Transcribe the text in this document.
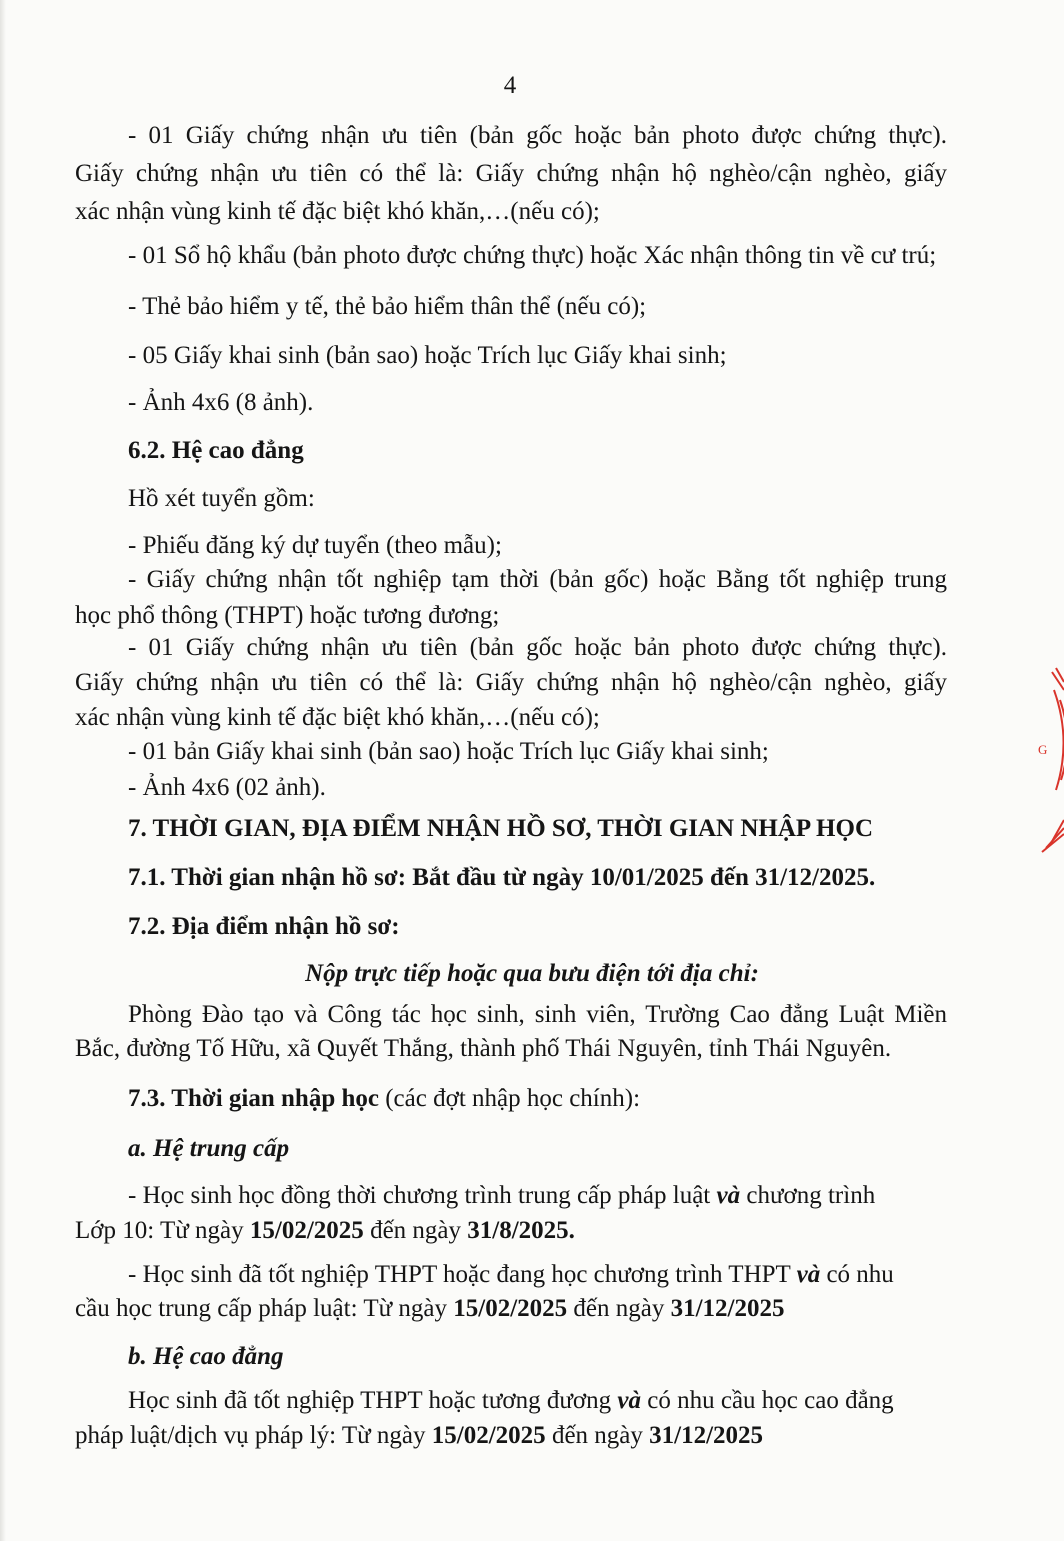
4
- 01 Giấy chứng nhận ưu tiên (bản gốc hoặc bản photo được chứng thực).
Giấy chứng nhận ưu tiên có thể là: Giấy chứng nhận hộ nghèo/cận nghèo, giấy
xác nhận vùng kinh tế đặc biệt khó khăn,…(nếu có);
- 01 Sổ hộ khẩu (bản photo được chứng thực) hoặc Xác nhận thông tin về cư trú;
- Thẻ bảo hiểm y tế, thẻ bảo hiểm thân thể (nếu có);
- 05 Giấy khai sinh (bản sao) hoặc Trích lục Giấy khai sinh;
- Ảnh 4x6 (8 ảnh).
6.2. Hệ cao đẳng
Hồ xét tuyển gồm:
- Phiếu đăng ký dự tuyển (theo mẫu);
- Giấy chứng nhận tốt nghiệp tạm thời (bản gốc) hoặc Bằng tốt nghiệp trung
học phổ thông (THPT) hoặc tương đương;
- 01 Giấy chứng nhận ưu tiên (bản gốc hoặc bản photo được chứng thực).
Giấy chứng nhận ưu tiên có thể là: Giấy chứng nhận hộ nghèo/cận nghèo, giấy
xác nhận vùng kinh tế đặc biệt khó khăn,…(nếu có);
- 01 bản Giấy khai sinh (bản sao) hoặc Trích lục Giấy khai sinh;
- Ảnh 4x6 (02 ảnh).
7. THỜI GIAN, ĐỊA ĐIỂM NHẬN HỒ SƠ, THỜI GIAN NHẬP HỌC
7.1. Thời gian nhận hồ sơ: Bắt đầu từ ngày 10/01/2025 đến 31/12/2025.
7.2. Địa điểm nhận hồ sơ:
Nộp trực tiếp hoặc qua bưu điện tới địa chỉ:
Phòng Đào tạo và Công tác học sinh, sinh viên, Trường Cao đẳng Luật Miền
Bắc, đường Tố Hữu, xã Quyết Thắng, thành phố Thái Nguyên, tỉnh Thái Nguyên.
7.3. Thời gian nhập học (các đợt nhập học chính):
a. Hệ trung cấp
- Học sinh học đồng thời chương trình trung cấp pháp luật và chương trình
Lớp 10: Từ ngày 15/02/2025 đến ngày 31/8/2025.
- Học sinh đã tốt nghiệp THPT hoặc đang học chương trình THPT và có nhu
cầu học trung cấp pháp luật: Từ ngày 15/02/2025 đến ngày 31/12/2025
b. Hệ cao đẳng
Học sinh đã tốt nghiệp THPT hoặc tương đương và có nhu cầu học cao đẳng
pháp luật/dịch vụ pháp lý: Từ ngày 15/02/2025 đến ngày 31/12/2025
G
